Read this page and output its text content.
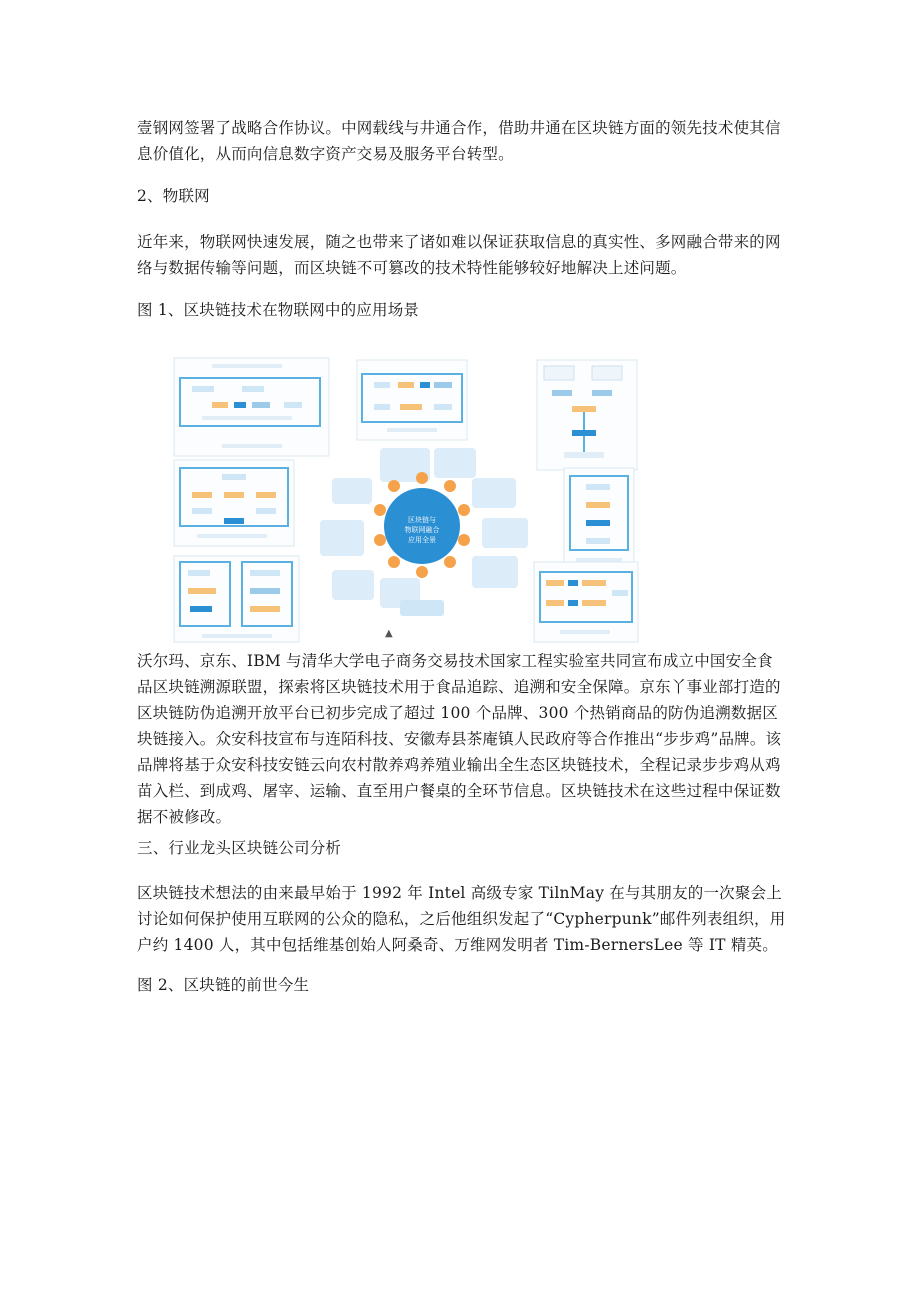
壹钢网签署了战略合作协议。中网载线与井通合作，借助井通在区块链方面的领先技术使其信息价值化，从而向信息数字资产交易及服务平台转型。

2、物联网

近年来，物联网快速发展，随之也带来了诸如难以保证获取信息的真实性、多网融合带来的网络与数据传输等问题，而区块链不可篡改的技术特性能够较好地解决上述问题。

图 1、区块链技术在物联网中的应用场景

区块链与
物联网融合
应用全景
▲

沃尔玛、京东、IBM 与清华大学电子商务交易技术国家工程实验室共同宣布成立中国安全食品区块链溯源联盟，探索将区块链技术用于食品追踪、追溯和安全保障。京东丫事业部打造的区块链防伪追溯开放平台已初步完成了超过 100 个品牌、300 个热销商品的防伪追溯数据区块链接入。众安科技宣布与连陌科技、安徽寿县茶庵镇人民政府等合作推出“步步鸡”品牌。该品牌将基于众安科技安链云向农村散养鸡养殖业输出全生态区块链技术，全程记录步步鸡从鸡苗入栏、到成鸡、屠宰、运输、直至用户餐桌的全环节信息。区块链技术在这些过程中保证数据不被修改。

三、行业龙头区块链公司分析

区块链技术想法的由来最早始于 1992 年 Intel 高级专家 TilnMay 在与其朋友的一次聚会上讨论如何保护使用互联网的公众的隐私，之后他组织发起了“Cypherpunk”邮件列表组织，用户约 1400 人，其中包括维基创始人阿桑奇、万维网发明者 Tim-BernersLee 等 IT 精英。

图 2、区块链的前世今生
